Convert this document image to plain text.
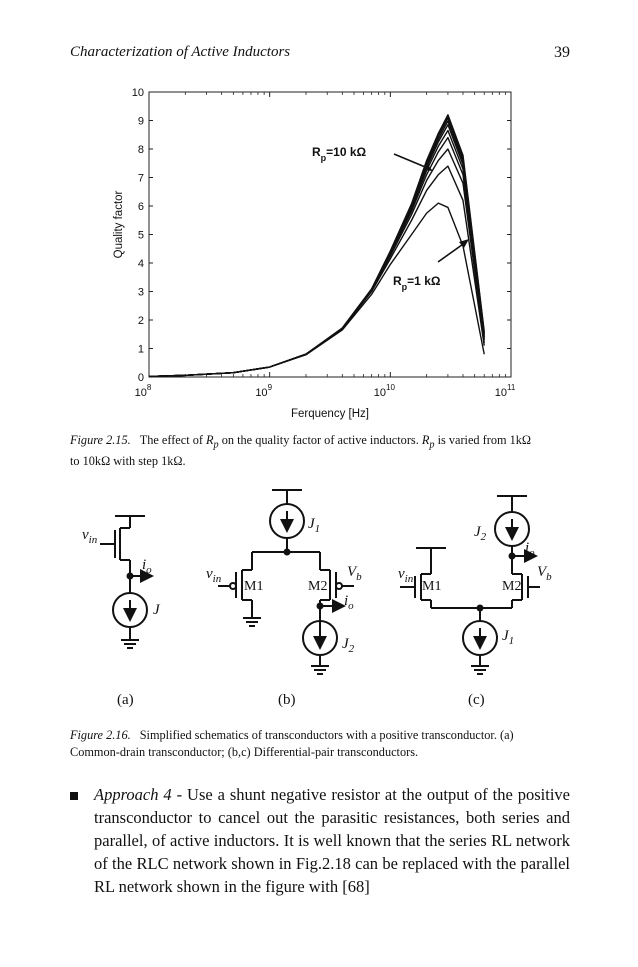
Characterization of Active Inductors	39
0
1
2
3
4
5
6
7
8
9
10
$10^8$	$10^9$	$10^{10}$	$10^{11}$
Ferquency [Hz]
Quality factor
$R_p=10$ kΩ
$R_p=1$ kΩ
Figure 2.15. The effect of $R_p$ on the quality factor of active inductors. $R_p$ is varied from 1kΩ
to 10kΩ with step 1kΩ.
$v_{in}$
$i_o$
J
(a)
M1	M2
$J_1$
$J_2$
$v_{in}$	$V_b$
$i_o$
(b)
M1	M2
$J_2$
$J_1$
$v_{in}$	$V_b$
$i_o$
(c)
Figure 2.16. Simplified schematics of transconductors with a positive transconductor. (a)
Common-drain transconductor; (b,c) Differential-pair transconductors.
Approach 4 - Use a shunt negative resistor at the output of the positive transconductor to cancel out the parasitic resistances, both series and parallel, of active inductors. It is well known that the series RL network of the RLC network shown in Fig.2.18 can be replaced with the parallel RL network shown in the figure with [68]
